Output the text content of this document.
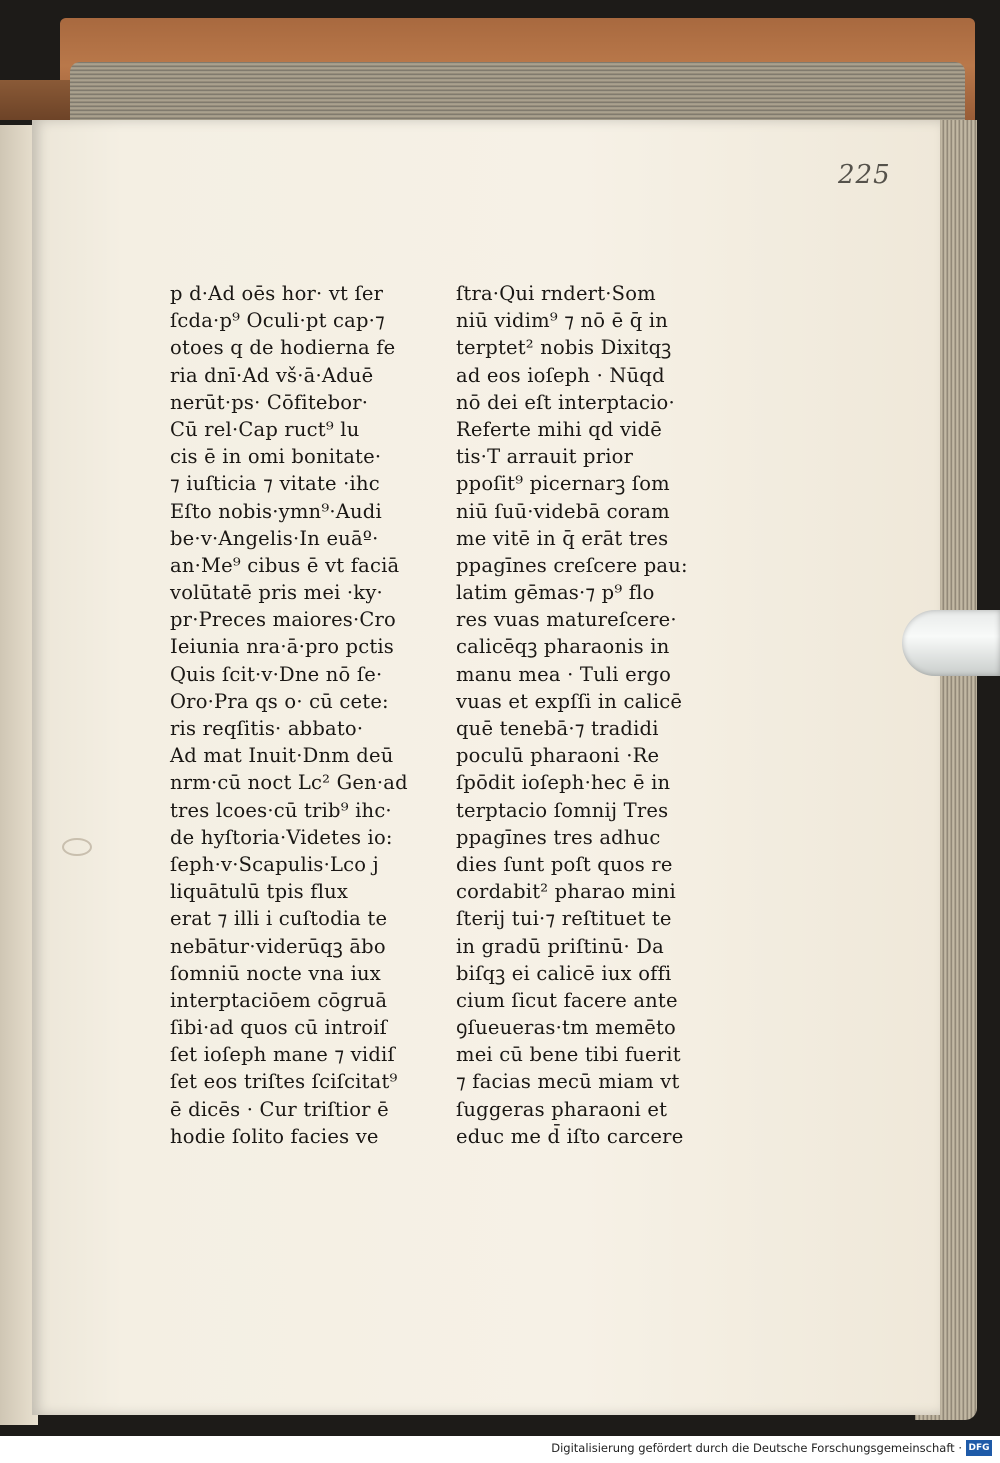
225
p d·Ad oēs hor· vt ſer
ſcda·p⁹ Oculi·pt cap·⁊
otoes q de hodierna fe
ria dnī·Ad vš·ā·Aduē
nerūt·ps· Cōfitebor·
Cū rel·Cap ruct⁹ lu
cis ē in omi bonitate·
⁊ iuſticia ⁊ vitate ·ihc
Eſto nobis·ymn⁹·Audi
be·v·Angelis·In euāº·
an·Me⁹ cibus ē vt faciā
volūtatē pris mei ·ky·
pr·Preces maiores·Cro
Ieiunia nra·ā·pro pctis
Quis ſcit·v·Dne nō ſe·
Oro·Pra qs o· cū cete:
ris reqſitis· abbato·
Ad mat Inuit·Dnm deū
nrm·cū noct Lc² Gen·ad
tres lcoes·cū trib⁹ ihc·
de hyſtoria·Videtes io:
ſeph·v·Scapulis·Lco j
liquātulū tpis flux
erat ⁊ illi i cuſtodia te
nebātur·viderūqꝫ ābo
ſomniū nocte vna iux
interptaciōem cōgruā
ſibi·ad quos cū introiſ
ſet ioſeph mane ⁊ vidiſ
ſet eos triſtes ſciſcitat⁹
ē dicēs · Cur triſtior ē
hodie ſolito facies ve
ſtra·Qui rndert·Som
niū vidim⁹ ⁊ nō ē q̄ in
terptet² nobis Dixitqꝫ
ad eos ioſeph · Nūqd
nō dei eſt interptacio·
Referte mihi qd vidē
tis·T arrauit prior
ppoſit⁹ picernarꝫ ſom
niū ſuū·videbā coram
me vitē in q̄ erāt tres
ppagīnes creſcere pau:
latim gēmas·⁊ p⁹ flo
res vuas matureſcere·
calicēqꝫ pharaonis in
manu mea · Tuli ergo
vuas et expſſi in calicē
quē tenebā·⁊ tradidi
poculū pharaoni ·Re
ſpōdit ioſeph·hec ē in
terptacio ſomnij Tres
ppagīnes tres adhuc
dies ſunt poſt quos re
cordabit² pharao mini
ſterij tui·⁊ reſtituet te
in gradū priſtinū· Da
biſqꝫ ei calicē iux offi
cium ſicut facere ante
ꝯſueueras·tm memēto
mei cū bene tibi fuerit
⁊ facias mecū miam vt
ſuggeras pharaoni et
educ me d̄ iſto carcere
Digitalisierung gefördert durch die Deutsche Forschungsgemeinschaft · DFG
